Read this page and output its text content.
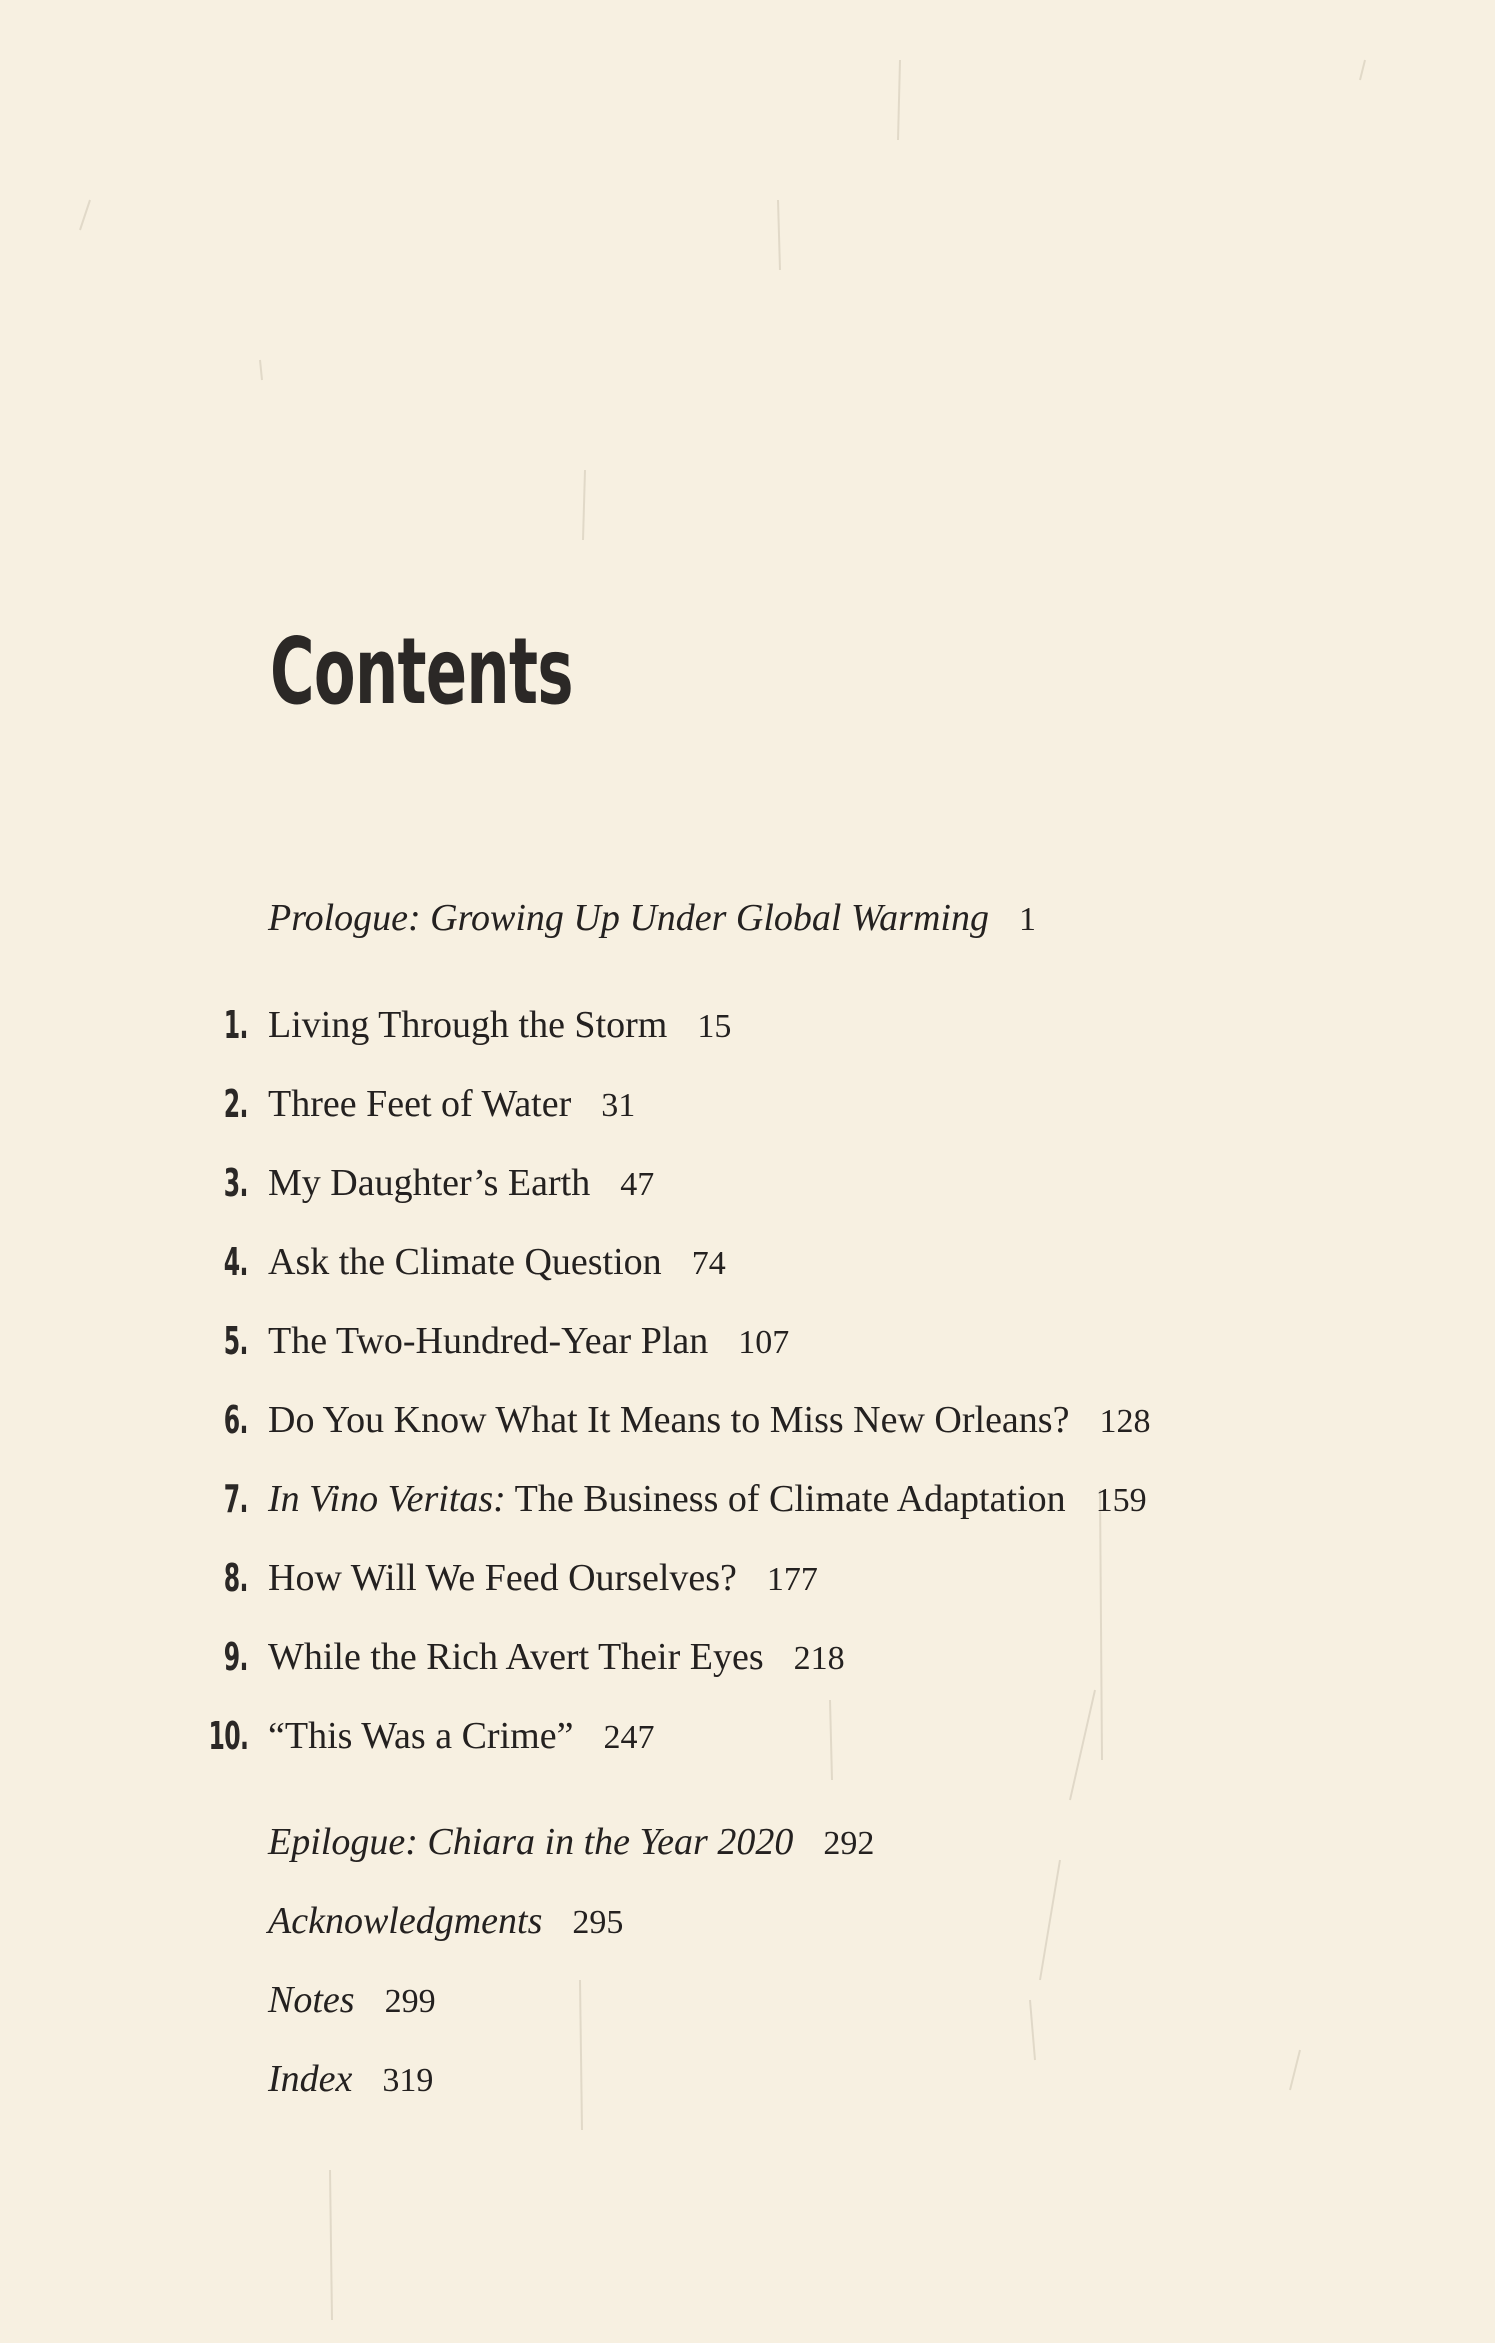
Contents
Prologue: Growing Up Under Global Warming 1
1. Living Through the Storm 15
2. Three Feet of Water 31
3. My Daughter’s Earth 47
4. Ask the Climate Question 74
5. The Two-Hundred-Year Plan 107
6. Do You Know What It Means to Miss New Orleans? 128
7. In Vino Veritas: The Business of Climate Adaptation 159
8. How Will We Feed Ourselves? 177
9. While the Rich Avert Their Eyes 218
10. “This Was a Crime” 247
Epilogue: Chiara in the Year 2020 292
Acknowledgments 295
Notes 299
Index 319
